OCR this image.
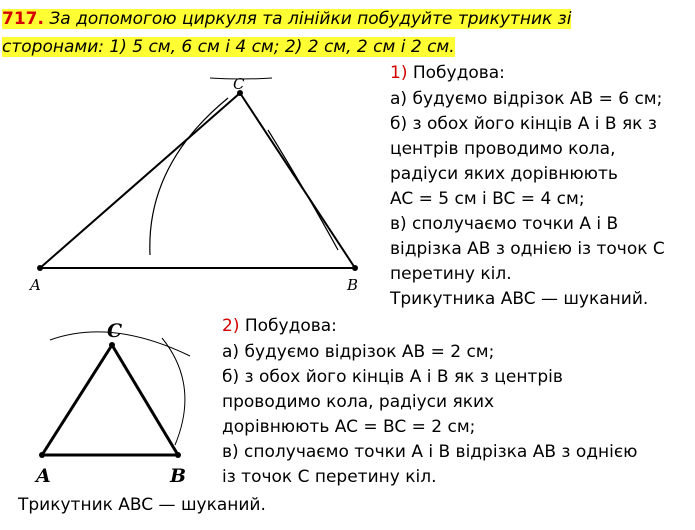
717. За допомогою циркуля та лінійки побудуйте трикутник зі
сторонами: 1) 5 см, 6 см і 4 см; 2) 2 см, 2 см і 2 см.
A	B
C
A	B
C
1) Побудова:
а) будуємо відрізок AB = 6 см;
б) з обох його кінців A і B як з
центрів проводимо кола,
радіуси яких дорівнюють
AC = 5 см і BC = 4 см;
в) сполучаємо точки A і B
відрізка AB з однією із точок C
перетину кіл.
Трикутника ABC — шуканий.
2) Побудова:
а) будуємо відрізок AB = 2 см;
б) з обох його кінців A і B як з центрів
проводимо кола, радіуси яких
дорівнюють AC = BC = 2 см;
в) сполучаємо точки A і B відрізка AB з однією
із точок C перетину кіл.
Трикутник ABC — шуканий.
